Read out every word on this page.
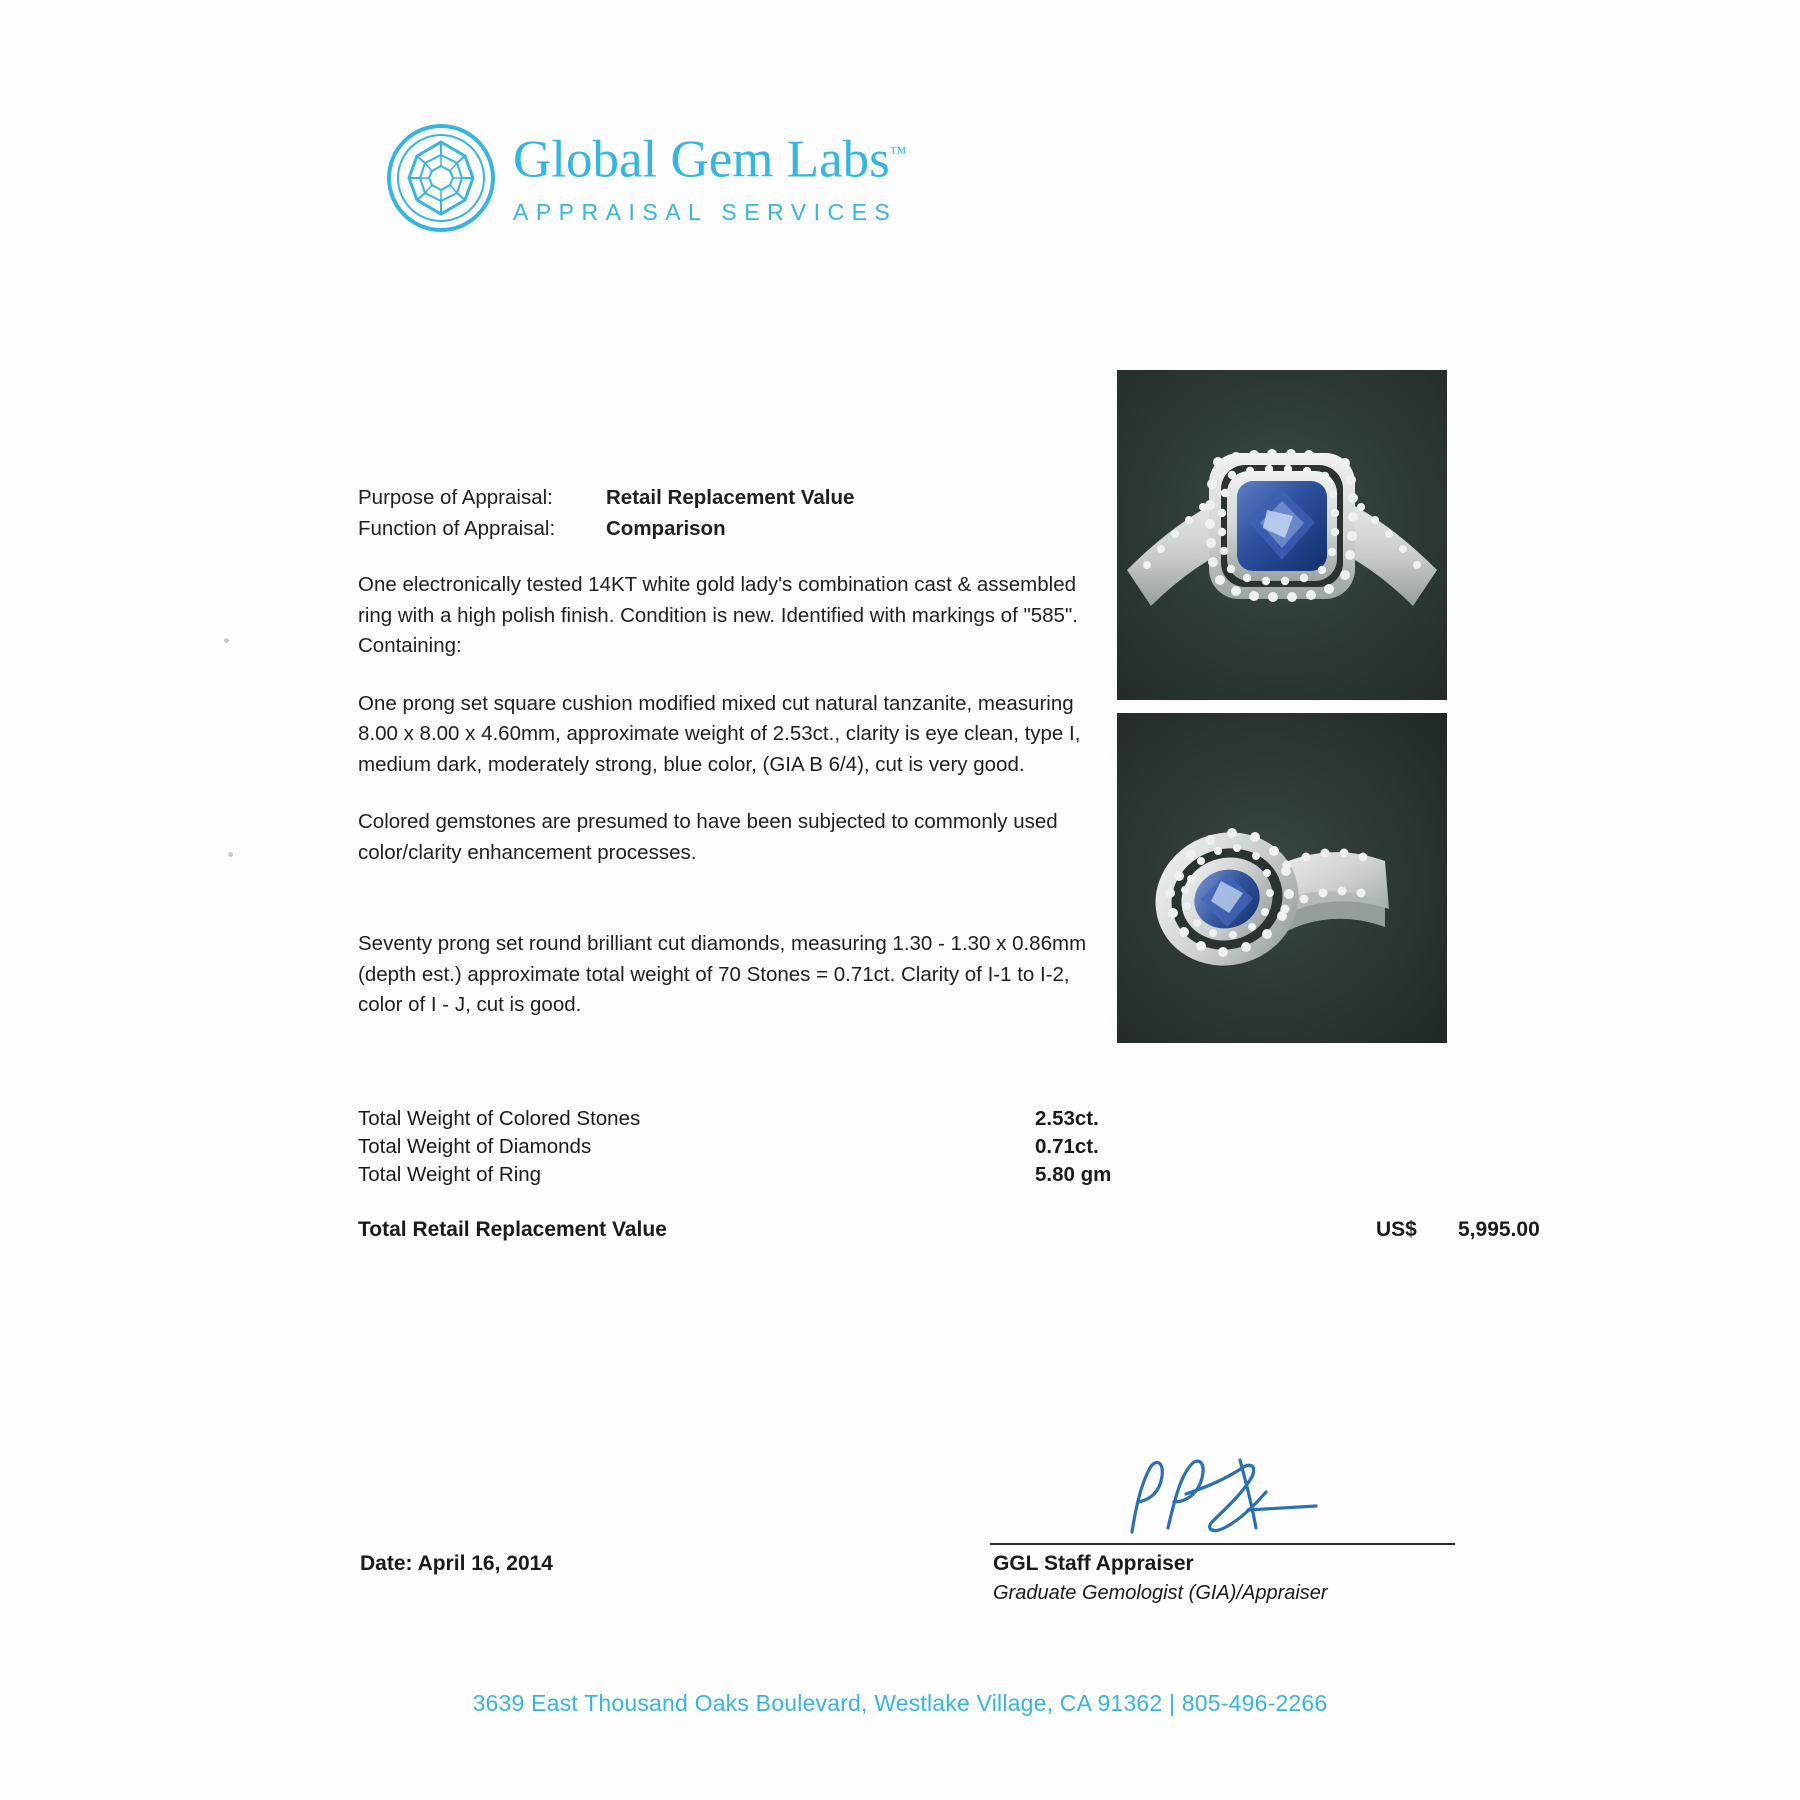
Global Gem Labs™
APPRAISAL SERVICES
Purpose of Appraisal:	Retail Replacement Value
Function of Appraisal:	Comparison
One electronically tested 14KT white gold lady's combination cast & assembled ring with a high polish finish. Condition is new. Identified with markings of "585". Containing:
One prong set square cushion modified mixed cut natural tanzanite, measuring 8.00 x 8.00 x 4.60mm, approximate weight of 2.53ct., clarity is eye clean, type I, medium dark, moderately strong, blue color, (GIA B 6/4), cut is very good.
Colored gemstones are presumed to have been subjected to commonly used color/clarity enhancement processes.
Seventy prong set round brilliant cut diamonds, measuring 1.30 - 1.30 x 0.86mm (depth est.) approximate total weight of 70 Stones = 0.71ct. Clarity of I-1 to I-2, color of I - J, cut is good.
Total Weight of Colored Stones	2.53ct.
Total Weight of Diamonds	0.71ct.
Total Weight of Ring	5.80 gm
Total Retail Replacement Value	US$ 5,995.00
GGL Staff Appraiser
Graduate Gemologist (GIA)/Appraiser
Date: April 16, 2014
3639 East Thousand Oaks Boulevard, Westlake Village, CA 91362 | 805-496-2266
